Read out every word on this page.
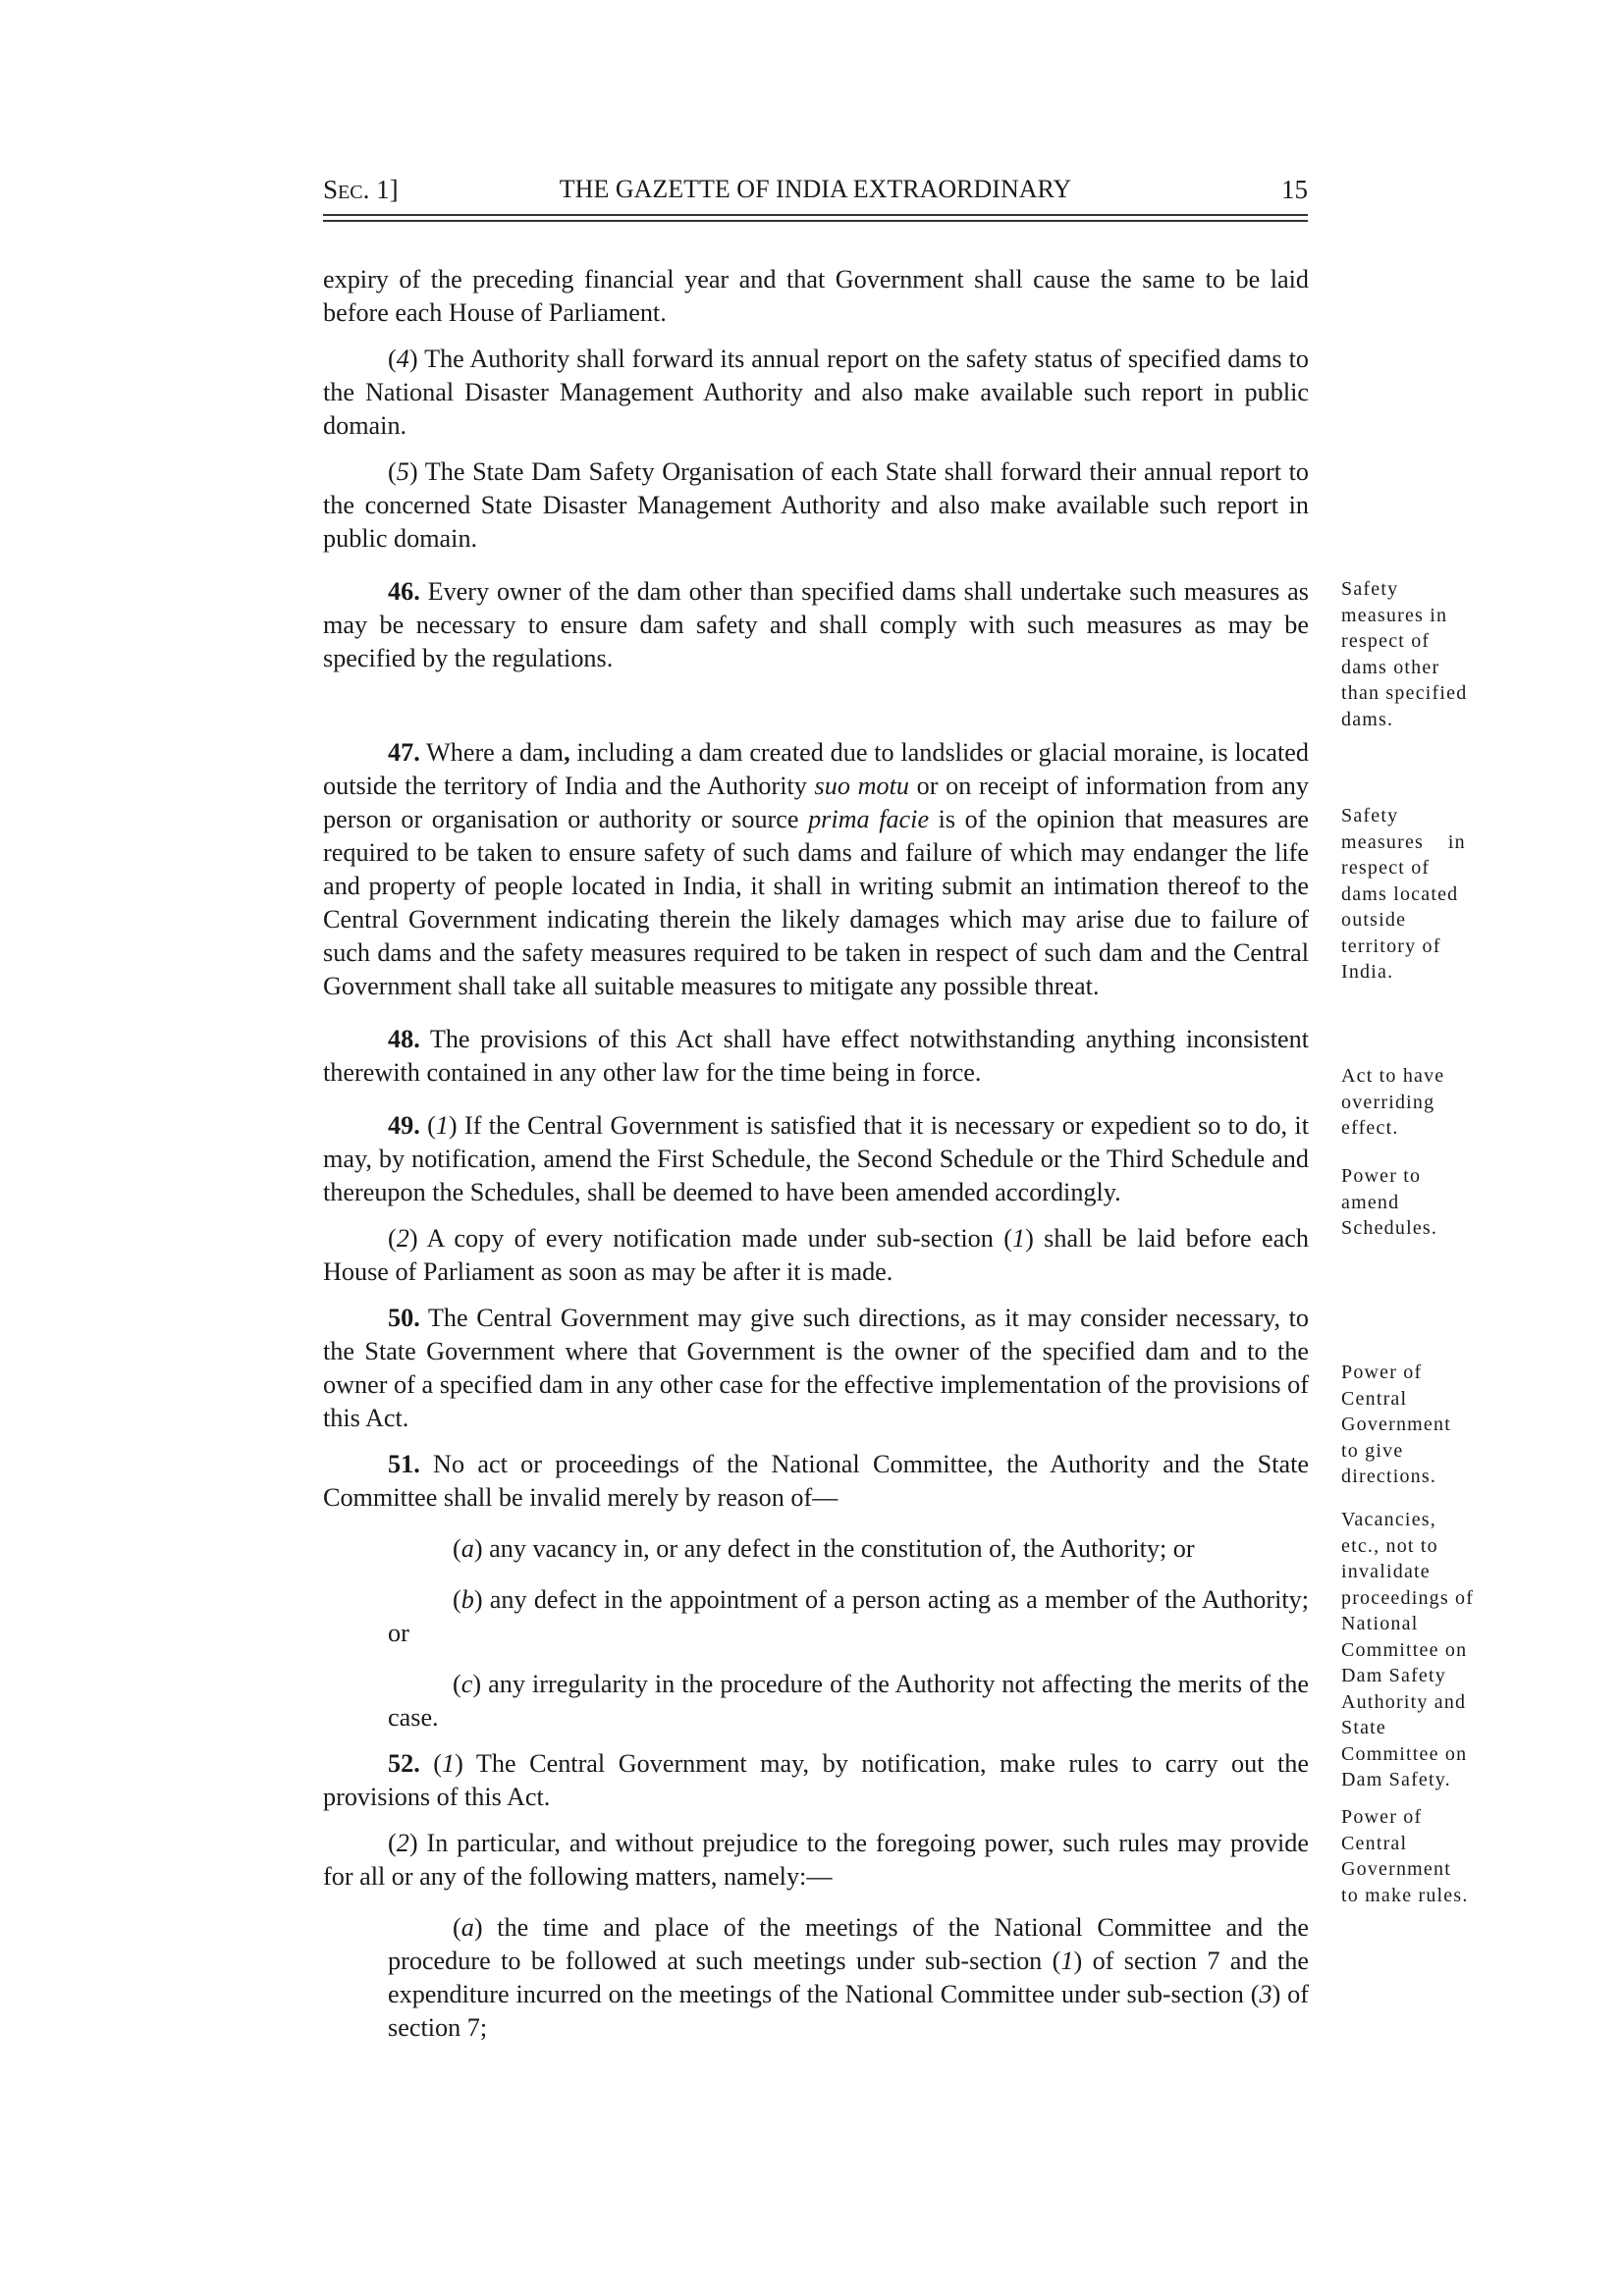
SEC. 1]	THE GAZETTE OF INDIA EXTRAORDINARY	15

expiry of the preceding financial year and that Government shall cause the same to be laid before each House of Parliament.

(4) The Authority shall forward its annual report on the safety status of specified dams to the National Disaster Management Authority and also make available such report in public domain.

(5) The State Dam Safety Organisation of each State shall forward their annual report to the concerned State Disaster Management Authority and also make available such report in public domain.

46. Every owner of the dam other than specified dams shall undertake such measures as may be necessary to ensure dam safety and shall comply with such measures as may be specified by the regulations.

47. Where a dam, including a dam created due to landslides or glacial moraine, is located outside the territory of India and the Authority suo motu or on receipt of information from any person or organisation or authority or source prima facie is of the opinion that measures are required to be taken to ensure safety of such dams and failure of which may endanger the life and property of people located in India, it shall in writing submit an intimation thereof to the Central Government indicating therein the likely damages which may arise due to failure of such dams and the safety measures required to be taken in respect of such dam and the Central Government shall take all suitable measures to mitigate any possible threat.

48. The provisions of this Act shall have effect notwithstanding anything inconsistent therewith contained in any other law for the time being in force.

49. (1) If the Central Government is satisfied that it is necessary or expedient so to do, it may, by notification, amend the First Schedule, the Second Schedule or the Third Schedule and thereupon the Schedules, shall be deemed to have been amended accordingly.

(2) A copy of every notification made under sub-section (1) shall be laid before each House of Parliament as soon as may be after it is made.

50. The Central Government may give such directions, as it may consider necessary, to the State Government where that Government is the owner of the specified dam and to the owner of a specified dam in any other case for the effective implementation of the provisions of this Act.

51. No act or proceedings of the National Committee, the Authority and the State Committee shall be invalid merely by reason of—

(a) any vacancy in, or any defect in the constitution of, the Authority; or

(b) any defect in the appointment of a person acting as a member of the Authority; or

(c) any irregularity in the procedure of the Authority not affecting the merits of the case.

52. (1) The Central Government may, by notification, make rules to carry out the provisions of this Act.

(2) In particular, and without prejudice to the foregoing power, such rules may provide for all or any of the following matters, namely:—

(a) the time and place of the meetings of the National Committee and the procedure to be followed at such meetings under sub-section (1) of section 7 and the expenditure incurred on the meetings of the National Committee under sub-section (3) of section 7;

Safety
measures in
respect of
dams other
than specified
dams.

Safety
measures    in
respect of
dams located
outside
territory of
India.

Act to have
overriding
effect.
Power to
amend
Schedules.
Power of
Central
Government
to give
directions.
Vacancies,
etc., not to
invalidate
proceedings of
National
Committee on
Dam Safety
Authority and
State
Committee on
Dam Safety.
Power of
Central
Government
to make rules.
